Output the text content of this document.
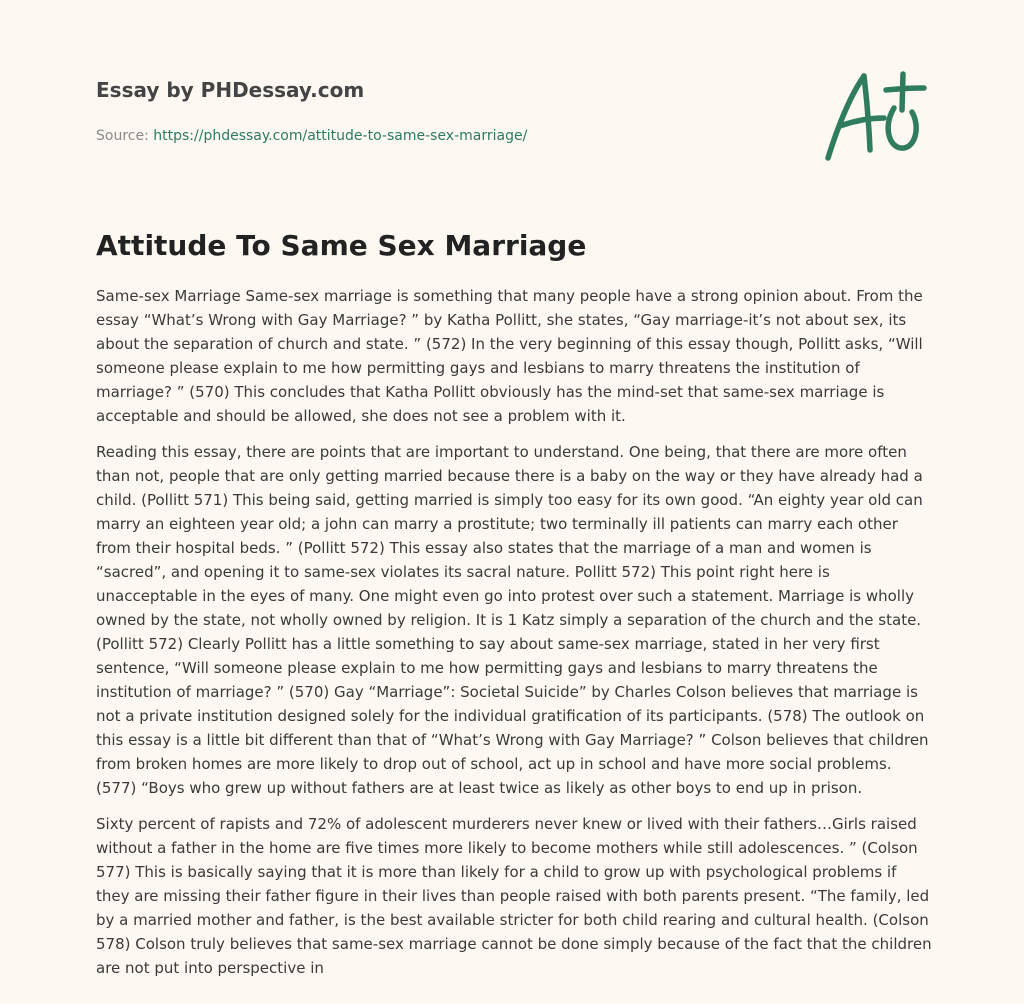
Essay by PHDessay.com
Source: https://phdessay.com/attitude-to-same-sex-marriage/
Attitude To Same Sex Marriage

Same-sex Marriage Same-sex marriage is something that many people have a strong opinion about. From the essay “What’s Wrong with Gay Marriage? ” by Katha Pollitt, she states, “Gay marriage-it’s not about sex, its about the separation of church and state. ” (572) In the very beginning of this essay though, Pollitt asks, “Will someone please explain to me how permitting gays and lesbians to marry threatens the institution of marriage? ” (570) This concludes that Katha Pollitt obviously has the mind-set that same-sex marriage is acceptable and should be allowed, she does not see a problem with it.

Reading this essay, there are points that are important to understand. One being, that there are more often than not, people that are only getting married because there is a baby on the way or they have already had a child. (Pollitt 571) This being said, getting married is simply too easy for its own good. “An eighty year old can marry an eighteen year old; a john can marry a prostitute; two terminally ill patients can marry each other from their hospital beds. ” (Pollitt 572) This essay also states that the marriage of a man and women is “sacred”, and opening it to same-sex violates its sacral nature. Pollitt 572) This point right here is unacceptable in the eyes of many. One might even go into protest over such a statement. Marriage is wholly owned by the state, not wholly owned by religion. It is 1 Katz simply a separation of the church and the state. (Pollitt 572) Clearly Pollitt has a little something to say about same-sex marriage, stated in her very first sentence, “Will someone please explain to me how permitting gays and lesbians to marry threatens the institution of marriage? ” (570) Gay “Marriage”: Societal Suicide” by Charles Colson believes that marriage is not a private institution designed solely for the individual gratification of its participants. (578) The outlook on this essay is a little bit different than that of “What’s Wrong with Gay Marriage? ” Colson believes that children from broken homes are more likely to drop out of school, act up in school and have more social problems. (577) “Boys who grew up without fathers are at least twice as likely as other boys to end up in prison.

Sixty percent of rapists and 72% of adolescent murderers never knew or lived with their fathers…Girls raised without a father in the home are five times more likely to become mothers while still adolescences. ” (Colson 577) This is basically saying that it is more than likely for a child to grow up with psychological problems if they are missing their father figure in their lives than people raised with both parents present. “The family, led by a married mother and father, is the best available stricter for both child rearing and cultural health. (Colson 578) Colson truly believes that same-sex marriage cannot be done simply because of the fact that the children are not put into perspective in
